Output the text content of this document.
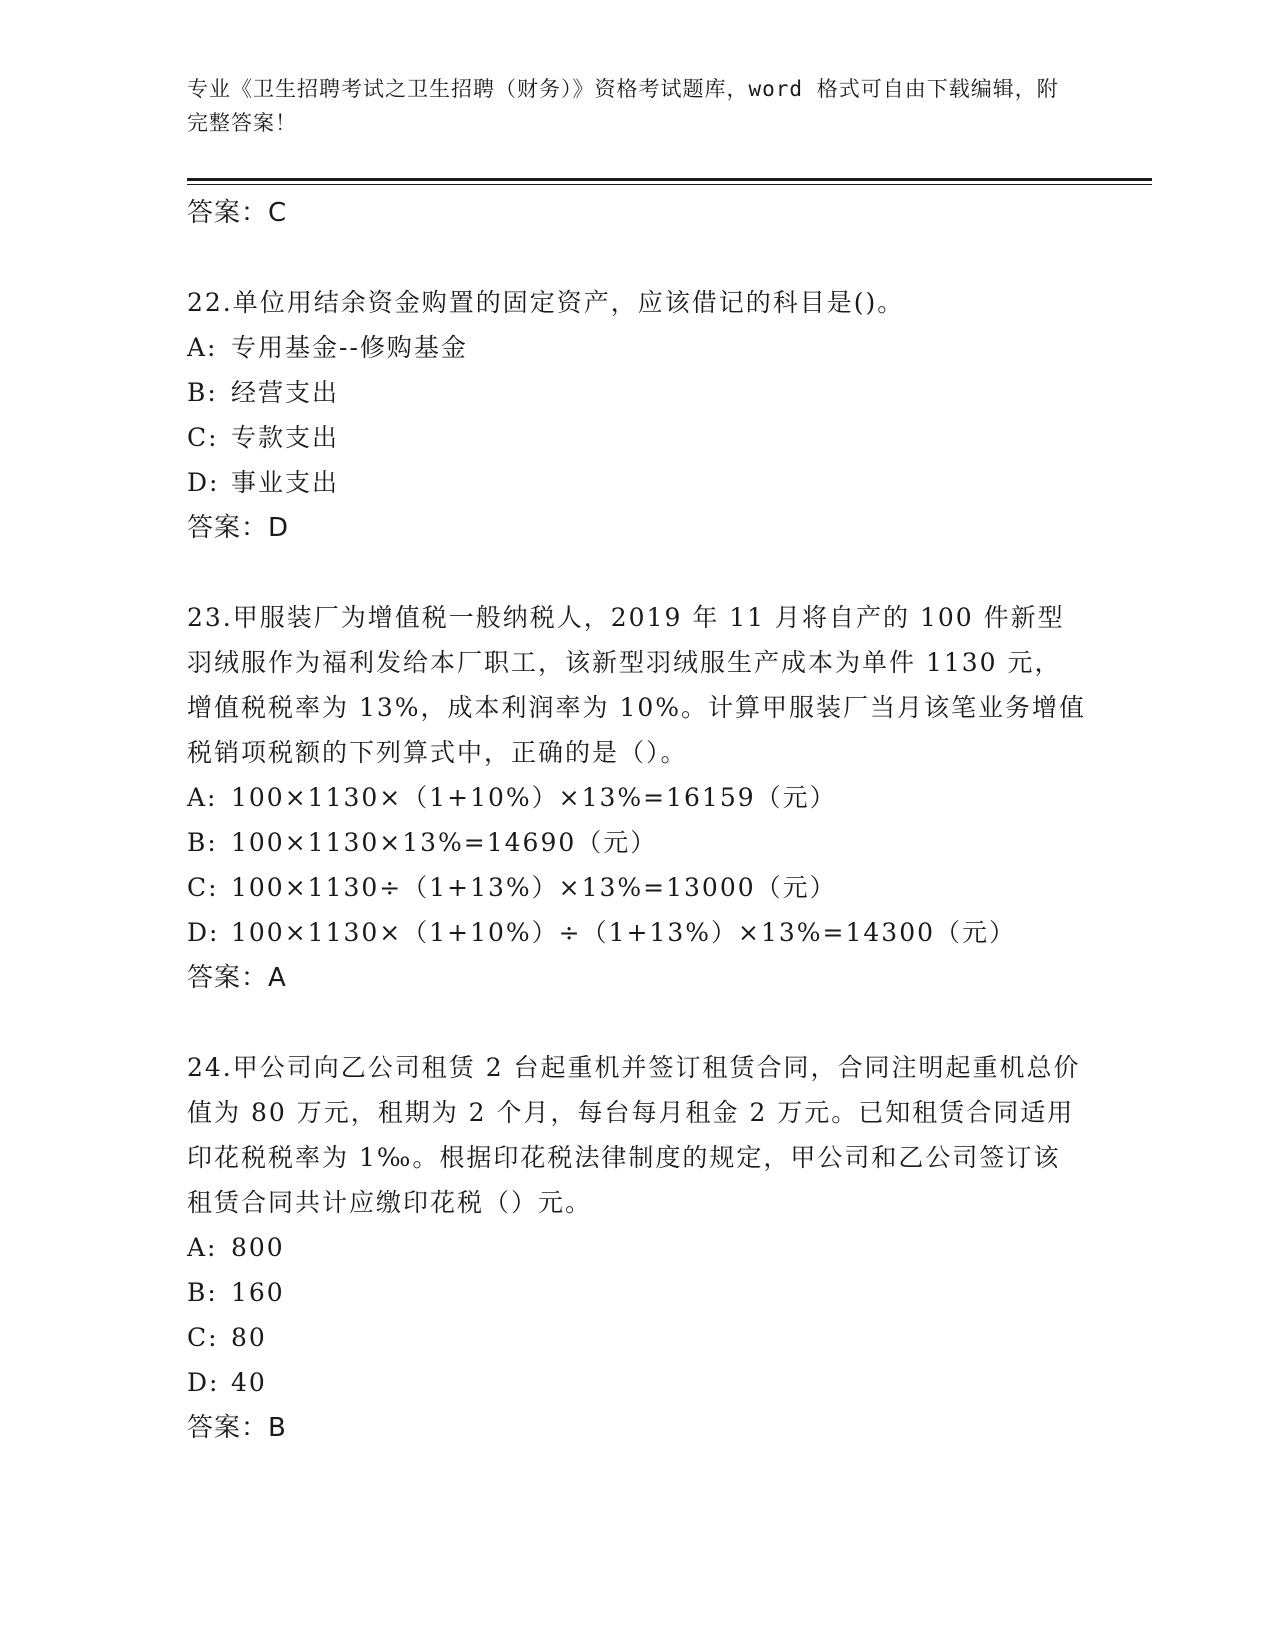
专业《卫生招聘考试之卫生招聘（财务）》资格考试题库，word 格式可自由下载编辑，附完整答案！
答案：C
22.单位用结余资金购置的固定资产，应该借记的科目是()。
A: 专用基金--修购基金
B: 经营支出
C: 专款支出
D: 事业支出
答案：D
23.甲服装厂为增值税一般纳税人，2019 年 11 月将自产的 100 件新型羽绒服作为福利发给本厂职工，该新型羽绒服生产成本为单件 1130 元，增值税税率为 13%，成本利润率为 10%。计算甲服装厂当月该笔业务增值税销项税额的下列算式中，正确的是（）。
A: 100×1130×（1+10%）×13%=16159（元）
B: 100×1130×13%=14690（元）
C: 100×1130÷（1+13%）×13%=13000（元）
D: 100×1130×（1+10%）÷（1+13%）×13%=14300（元）
答案：A
24.甲公司向乙公司租赁 2 台起重机并签订租赁合同，合同注明起重机总价值为 80 万元，租期为 2 个月，每台每月租金 2 万元。已知租赁合同适用印花税税率为 1‰。根据印花税法律制度的规定，甲公司和乙公司签订该租赁合同共计应缴印花税（）元。
A: 800
B: 160
C: 80
D: 40
答案：B
